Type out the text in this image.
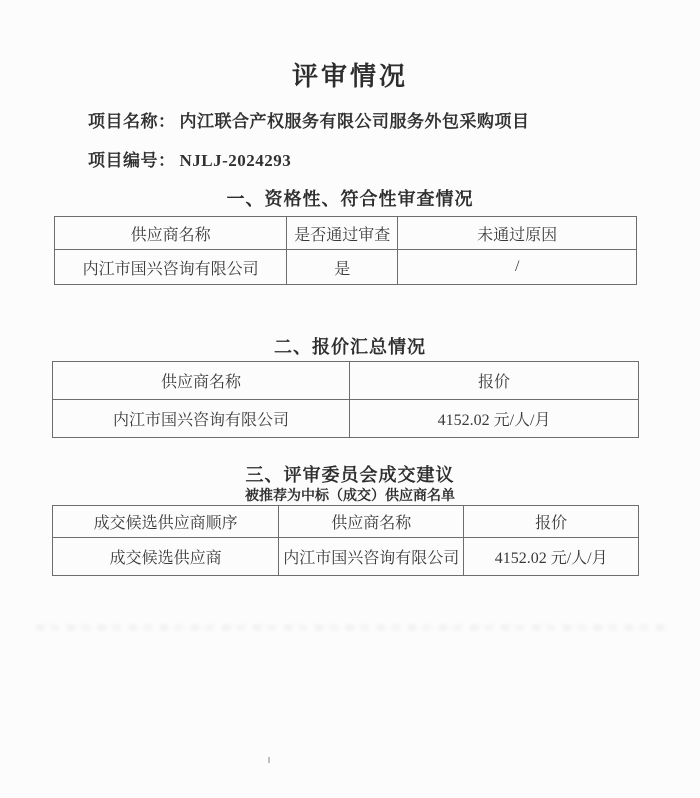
评审情况
项目名称： 内江联合产权服务有限公司服务外包采购项目
项目编号： NJLJ-2024293
一、资格性、符合性审查情况
供应商名称	是否通过审查	未通过原因
内江市国兴咨询有限公司	是	/
二、报价汇总情况
供应商名称	报价
内江市国兴咨询有限公司	4152.02 元/人/月
三、评审委员会成交建议
被推荐为中标（成交）供应商名单
成交候选供应商顺序	供应商名称	报价
成交候选供应商	内江市国兴咨询有限公司	4152.02 元/人/月
